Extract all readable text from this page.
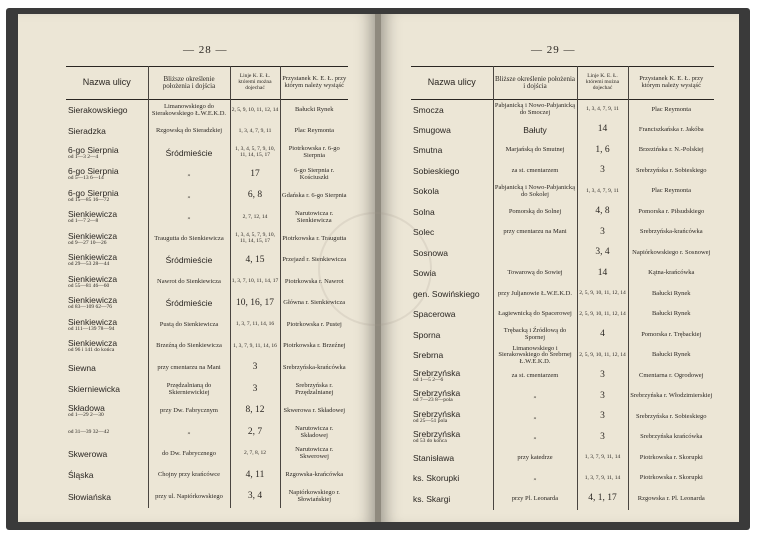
— 28 —
Nazwa ulicy	Bliższe określenie położenia i dojścia	Linje K. E. Ł. któremi można dojechać	Przystanek K. E. Ł. przy którym należy wysiąść

Sierakowskiego	Limanowskiego do Sierakowskiego Ł.W.E.K.D.	2, 5, 9, 10, 11, 12, 14	Bałucki Rynek

Sieradzka	Rzgowską do Sieradzkiej	1, 3, 4, 7, 9, 11	Plac Reymonta

6-go Sierpnia
od 1—3 2—4	Śródmieście	1, 3, 4, 5, 7, 9, 10, 11, 14, 15, 17	Piotrkowska r. 6-go Sierpnia

6-go Sierpnia
od 5—13 6—14	„	17	6-go Sierpnia r. Kościuszki

6-go Sierpnia
od 15—85 16—72	„	6, 8	Gdańska r. 6-go Sierpnia

Sienkiewicza
od 1—7 2—8	„	2, 7, 12, 14	Narutowicza r. Sienkiewicza

Sienkiewicza
od 9—27 10—26	Traugutta do Sienkiewicza	1, 3, 4, 5, 7, 9, 10, 11, 14, 15, 17	Piotrkowska r. Traugutta

Sienkiewicza
od 29—53 28—44	Śródmieście	4, 15	Przejazd r. Sienkiewicza

Sienkiewicza
od 55—81 46—60	Nawrot do Sienkiewicza	1, 3, 7, 10, 11, 14, 17	Piotrkowska r. Nawrot

Sienkiewicza
od 83—109 62—76	Śródmieście	10, 16, 17	Główna r. Sienkiewicza

Sienkiewicza
od 111—139 78—94	Pustą do Sienkiewicza	1, 3, 7, 11, 14, 16	Piotrkowska r. Pustej

Sienkiewicza
od 96 i 141 do końca	Brzeźną do Sienkiewicza	1, 3, 7, 9, 11, 14, 16	Piotrkowska r. Brzeźnej

Siewna	przy cmentarzu na Mani	3	Srebrzyńska-krańcówka

Skierniewicka	Przędzalnianą do Skierniewickiej	3	Srebrzyńska r. Przędzalnianej

Składowa
od 1—29 2—30	przy Dw. Fabrycznym	8, 12	Skwerowa r. Składowej

od 31—39 32—42	„	2, 7	Narutowicza r. Składowej

Skwerowa	do Dw. Fabrycznego	2, 7, 8, 12	Narutowicza r. Skwerowej

Śląska	Chojny przy krańcówce	4, 11	Rzgowska-krańcówka

Słowiańska	przy ul. Napiórkowskiego	3, 4	Napiórkowskiego r. Słowiańskiej
— 29 —
Nazwa ulicy	Bliższe określenie położenia i dojścia	Linje K. E. Ł. któremi można dojechać	Przystanek K. E. Ł. przy którym należy wysiąść

Smocza	Pabjanicką i Nowo-Pabjanicką do Smoczej	1, 3, 4, 7, 9, 11	Plac Reymonta

Smugowa	Bałuty	14	Franciszkańska r. Jakóba

Smutna	Marjańską do Smutnej	1, 6	Brzezińska r. N.-Polskiej

Sobieskiego	za st. cmentarzem	3	Srebrzyńska r. Sobieskiego

Sokola	Pabjanicką i Nowo-Pabjanicką do Sokolej	1, 3, 4, 7, 9, 11	Plac Reymonta

Solna	Pomorską do Solnej	4, 8	Pomorska r. Piłsudskiego

Solec	przy cmentarzu na Mani	3	Srebrzyńska-krańcówka

Sosnowa		3, 4	Napiórkowskiego r. Sosnowej

Sowia	Towarową do Sowiej	14	Kątna-krańcówka

gen. Sowińskiego	przy Juljanowie Ł.W.E.K.D.	2, 5, 9, 10, 11, 12, 14	Bałucki Rynek

Spacerowa	Łagiewnicką do Spacerowej	2, 5, 9, 10, 11, 12, 14	Bałucki Rynek

Sporna	Trębacką i Źródłową do Spornej	4	Pomorska r. Trębackiej

Srebrna	Limanowskiego i Sierakowskiego do Srebrnej Ł.W.E.K.D.	2, 5, 9, 10, 11, 12, 14	Bałucki Rynek

Srebrzyńska
od 1—5 2—6	za st. cmentarzem	3	Cmentarna r. Ogrodowej

Srebrzyńska
od 7—23 8—pola	„	3	Srebrzyńska r. Włodzimierskiej

Srebrzyńska
od 25—51 pola	„	3	Srebrzyńska r. Sobieskiego

Srebrzyńska
od 53 do końca	„	3	Srebrzyńska krańcówka

Stanisława	przy katedrze	1, 3, 7, 9, 11, 14	Piotrkowska r. Skorupki

ks. Skorupki	„	1, 3, 7, 9, 11, 14	Piotrkowska r. Skorupki

ks. Skargi	przy Pl. Leonarda	4, 1, 17	Rzgowska r. Pl. Leonarda
